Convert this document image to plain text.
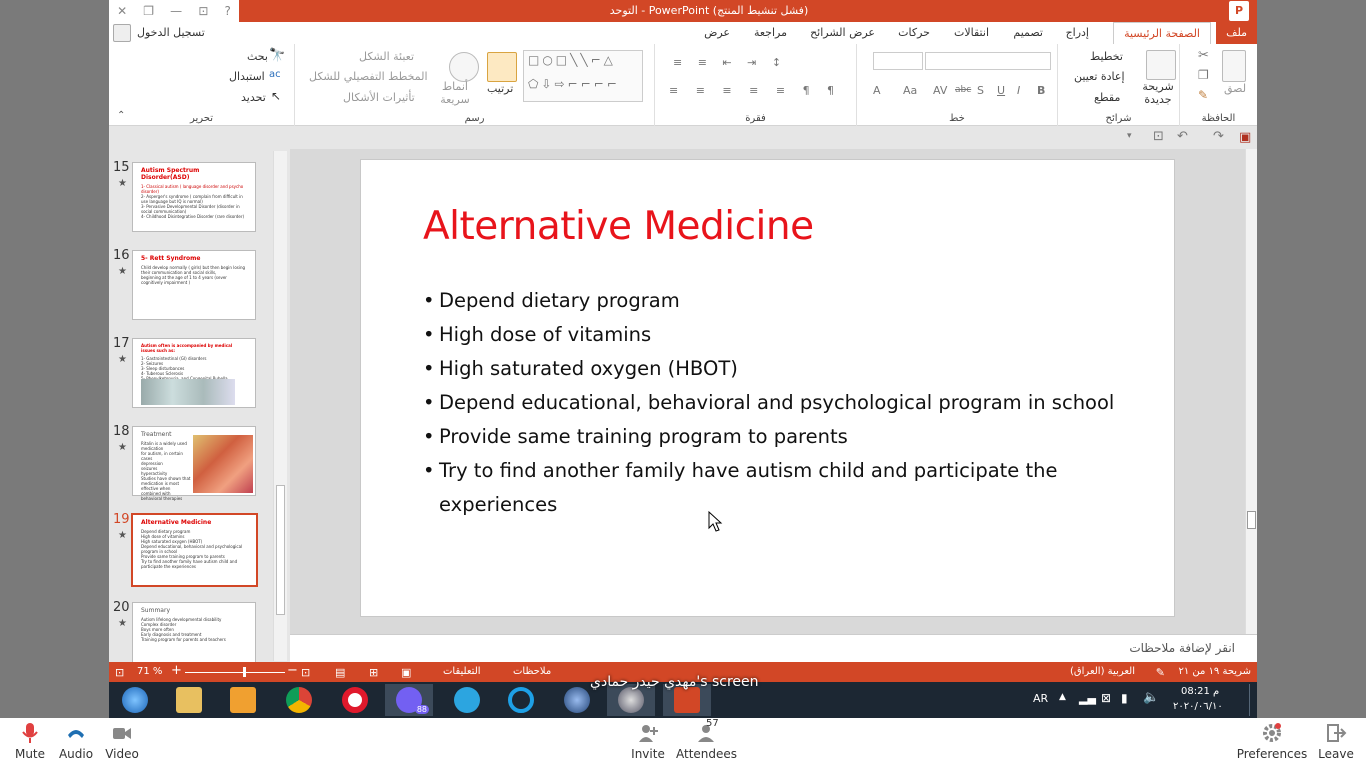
✕ ❐ — ⊡ ?	التوحد - PowerPoint (فشل تنشيط المنتج)	P
تسجيل الدخول	ملف
الصفحة الرئيسية
إدراج
تصميم
انتقالات
حركات
عرض الشرائح
مراجعة
عرض
لصق
✂
❐
✎
الحافظة
شريحة جديدة
تخطيط
إعادة تعيين
مقطع
شرائح
B
I
U
S
abc
AV
Aa
A
خط
≡ ≡ ⇤ ⇥ ↕
≡ ≡ ≡ ≡ ≡ ¶ ¶
فقرة
□○□╲╲⌐△
⬠⇩⇨⌐⌐⌐⌐
ترتيب
أنماط سريعة
تعبئة الشكل
المخطط التفصيلي للشكل
تأثيرات الأشكال
رسم
🔭
بحث
ac
استبدال
↖
تحديد
⌃	تحرير
▣
↷
↶
⊡
▾
15
★
Autism Spectrum Disorder(ASD)
1- Classical autism ( language disorder and psycho disorder)
2- Asperger's syndrome ( complain from difficult in use language but IQ is normal)
3- Pervasive Developmental Disorder (disorder in social communication)
4- Childhood Disintegrative Disorder (rare disorder)
16
★
5- Rett Syndrome
Child develop normally ( girls) but then begin losing their communication and social skills,
beginning at the age of 1 to 4 years (sever cognitively impairment )
17
★
Autism often is accompanied by medical issues such as:
1- Gastrointestinal (GI) disorders
2- Seizures
3- Sleep disturbances
4- Tuberous Sclerosis
18
★
Treatment
Ritalin is a widely used medication
for autism, in certain cases
depression
seizures
hyperactivity
Studies have shown that medication is most effective when combined with behavioral therapies
19
★
Alternative Medicine
Depend dietary program
High dose of vitamins
High saturated oxygen (HBOT)
Depend educational, behavioral and psychological program in school
Provide same training program to parents
Try to find another family have autism child and participate the experiences
20
★
Summary
Autism lifelong developmental disability
Complex disorder
Boys more often
Early diagnosis and treatment
Training program for parents and teachers
Alternative Medicine
• Depend dietary program
• High dose of vitamins
• High saturated oxygen (HBOT)
• Depend educational, behavioral and psychological program in school
• Provide same training program to parents
• Try to find another family have autism child and participate the experiences
انقر لإضافة ملاحظات
شريحة ١٩ من ٢١
✎
العربية (العراق)
ملاحظات
التعليقات
▣
⊞
▤
⊡
+	−
71 %
⊡
88
AR ▲ ▂▄ ⊠ ▮ 🔈 08:21 م
٢٠٢٠/٠٦/١٠
مهدي حيدر حمادي's screen
Mute Audio Video	Invite Attendees
57
Preferences Leave
